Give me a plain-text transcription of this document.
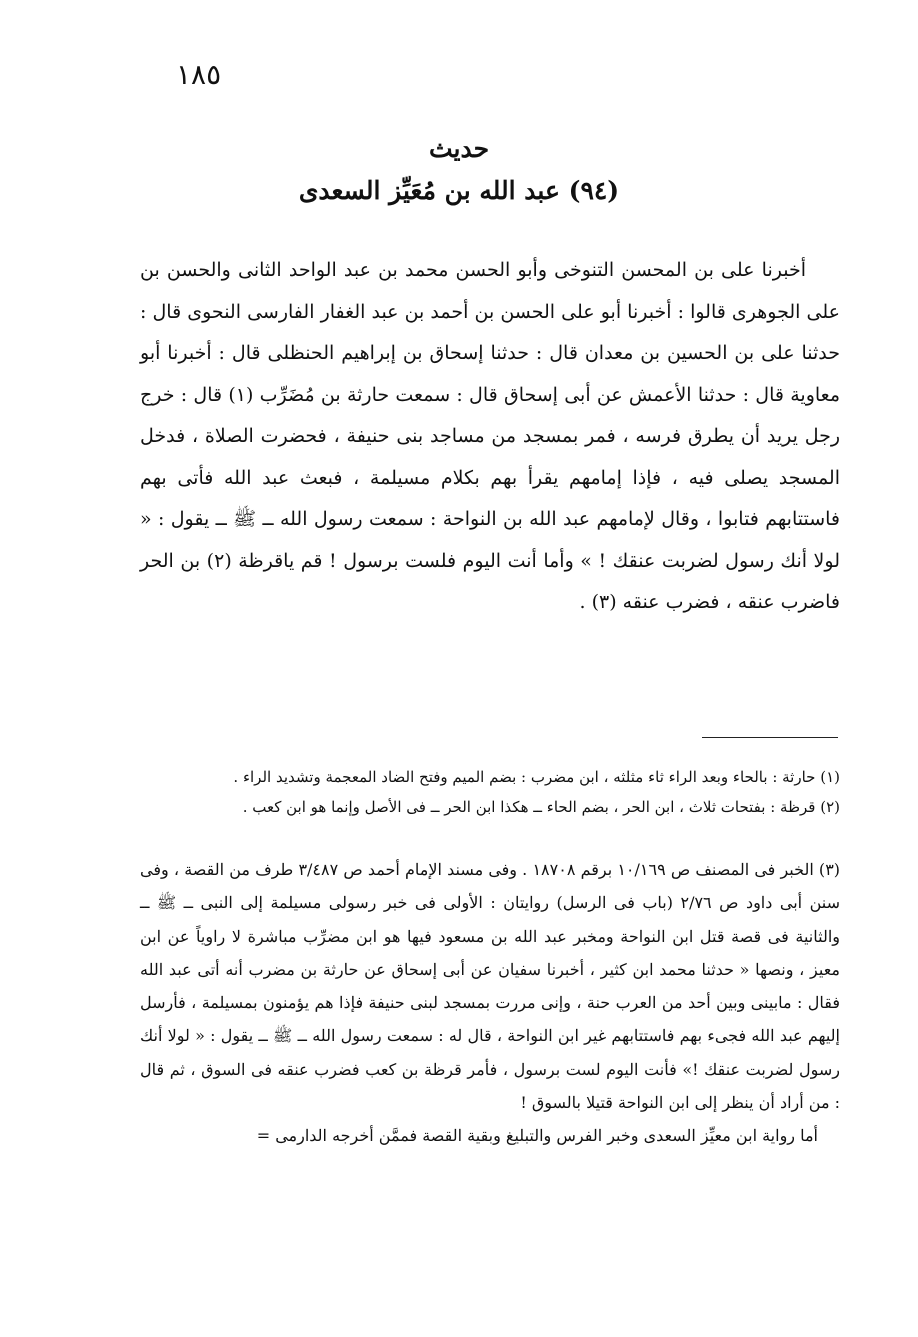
١٨٥
حديث
(٩٤) عبد الله بن مُعَيِّز السعدى

أخبرنا على بن المحسن التنوخى وأبو الحسن محمد بن عبد الواحد الثانى والحسن بن على الجوهرى قالوا : أخبرنا أبو على الحسن بن أحمد بن عبد الغفار الفارسى النحوى قال : حدثنا على بن الحسين بن معدان قال : حدثنا إسحاق بن إبراهيم الحنظلى قال : أخبرنا أبو معاوية قال : حدثنا الأعمش عن أبى إسحاق قال : سمعت حارثة بن مُضَرِّب (١) قال : خرج رجل يريد أن يطرق فرسه ، فمر بمسجد من مساجد بنى حنيفة ، فحضرت الصلاة ، فدخل المسجد يصلى فيه ، فإذا إمامهم يقرأ بهم بكلام مسيلمة ، فبعث عبد الله فأتى بهم فاستتابهم فتابوا ، وقال لإمامهم عبد الله بن النواحة : سمعت رسول الله ــ ﷺ ــ يقول : « لولا أنك رسول لضربت عنقك ! » وأما أنت اليوم فلست برسول ! قم ياقرظة (٢) بن الحر فاضرب عنقه ، فضرب عنقه (٣) .

(١) حارثة : بالحاء وبعد الراء ثاء مثلثه ، ابن مضرب : بضم الميم وفتح الضاد المعجمة وتشديد الراء .

(٢) قرظة : بفتحات ثلاث ، ابن الحر ، بضم الحاء ــ هكذا ابن الحر ــ فى الأصل وإنما هو ابن كعب .

(٣) الخبر فى المصنف ص ١٠/١٦٩ برقم ١٨٧٠٨ . وفى مسند الإمام أحمد ص ٣/٤٨٧ طرف من القصة ، وفى سنن أبى داود ص ٢/٧٦ (باب فى الرسل) روايتان : الأولى فى خبر رسولى مسيلمة إلى النبى ــ ﷺ ــ والثانية فى قصة قتل ابن النواحة ومخبر عبد الله بن مسعود فيها هو ابن مضرِّب مباشرة لا راوياً عن ابن معيز ، ونصها « حدثنا محمد ابن كثير ، أخبرنا سفيان عن أبى إسحاق عن حارثة بن مضرب أنه أتى عبد الله فقال : مابينى وبين أحد من العرب حنة ، وإنى مررت بمسجد لبنى حنيفة فإذا هم يؤمنون بمسيلمة ، فأرسل إليهم عبد الله فجىء بهم فاستتابهم غير ابن النواحة ، قال له : سمعت رسول الله ــ ﷺ ــ يقول : « لولا أنك رسول لضربت عنقك !» فأنت اليوم لست برسول ، فأمر قرظة بن كعب فضرب عنقه فى السوق ، ثم قال : من أراد أن ينظر إلى ابن النواحة قتيلا بالسوق !

أما رواية ابن معيِّز السعدى وخبر الفرس والتبليغ وبقية القصة فممَّن أخرجه الدارمى =
